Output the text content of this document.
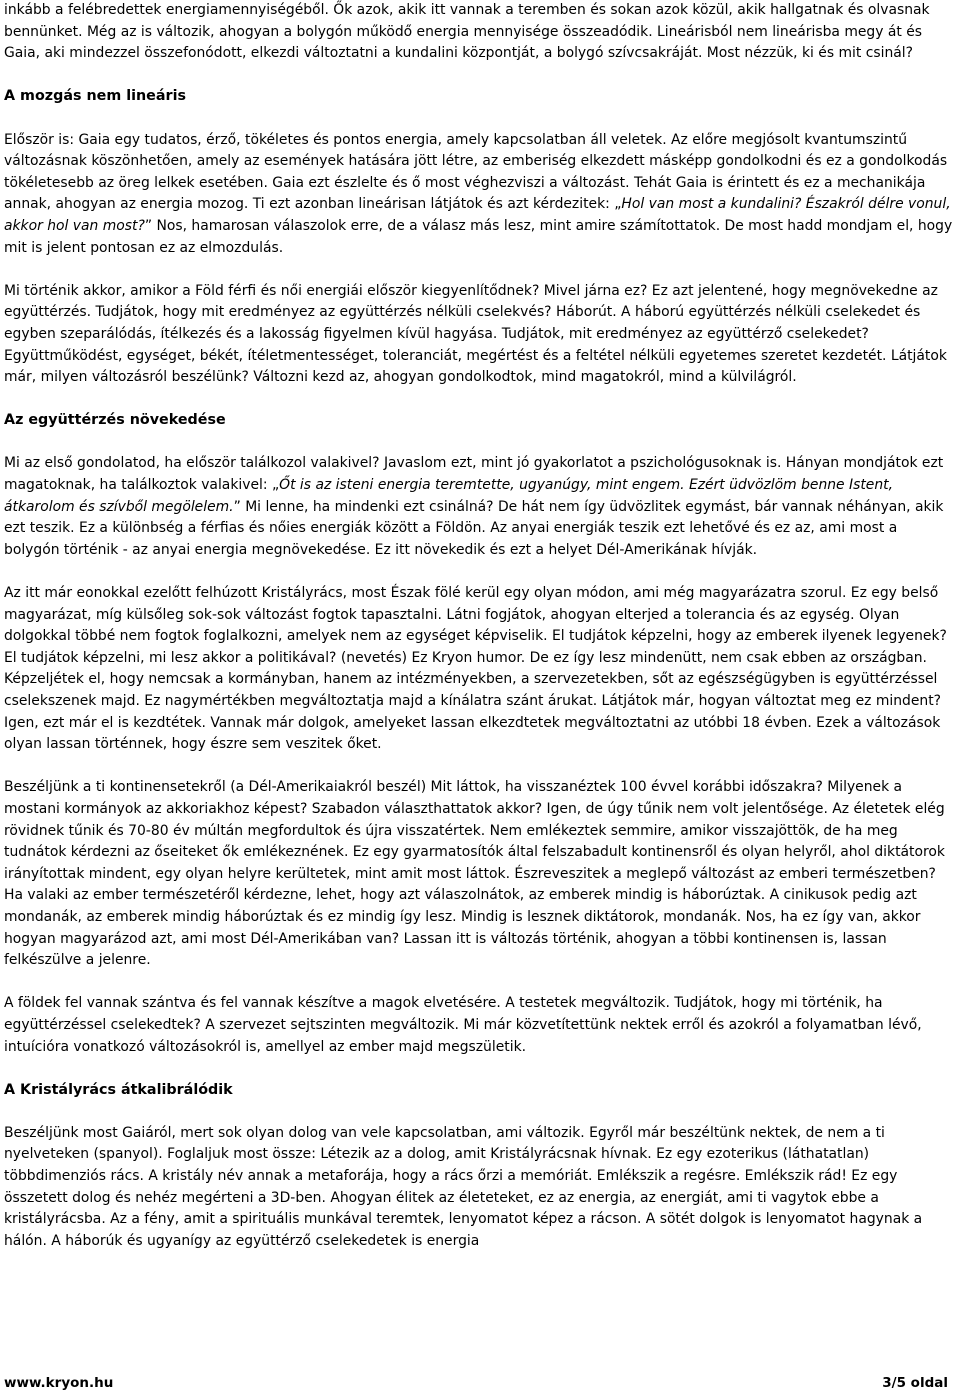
inkább a felébredettek energiamennyiségéből. Ők azok, akik itt vannak a teremben és sokan azok közül, akik hallgatnak és olvasnak bennünket. Még az is változik, ahogyan a bolygón működő energia mennyisége összeadódik. Lineárisból nem lineárisba megy át és Gaia, aki mindezzel összefonódott, elkezdi változtatni a kundalini központját, a bolygó szívcsakráját. Most nézzük, ki és mit csinál?
A mozgás nem lineáris
Először is: Gaia egy tudatos, érző, tökéletes és pontos energia, amely kapcsolatban áll veletek. Az előre megjósolt kvantumszintű változásnak köszönhetően, amely az események hatására jött létre, az emberiség elkezdett másképp gondolkodni és ez a gondolkodás tökéletesebb az öreg lelkek esetében. Gaia ezt észlelte és ő most véghezviszi a változást. Tehát Gaia is érintett és ez a mechanikája annak, ahogyan az energia mozog. Ti ezt azonban lineárisan látjátok és azt kérdezitek: „Hol van most a kundalini? Északról délre vonul, akkor hol van most?” Nos, hamarosan válaszolok erre, de a válasz más lesz, mint amire számítottatok. De most hadd mondjam el, hogy mit is jelent pontosan ez az elmozdulás.
Mi történik akkor, amikor a Föld férfi és női energiái először kiegyenlítődnek? Mivel járna ez? Ez azt jelentené, hogy megnövekedne az együttérzés. Tudjátok, hogy mit eredményez az együttérzés nélküli cselekvés? Háborút. A háború együttérzés nélküli cselekedet és egyben szeparálódás, ítélkezés és a lakosság figyelmen kívül hagyása. Tudjátok, mit eredményez az együttérző cselekedet? Együttműködést, egységet, békét, ítéletmentességet, toleranciát, megértést és a feltétel nélküli egyetemes szeretet kezdetét. Látjátok már, milyen változásról beszélünk? Változni kezd az, ahogyan gondolkodtok, mind magatokról, mind a külvilágról.
Az együttérzés növekedése
Mi az első gondolatod, ha először találkozol valakivel? Javaslom ezt, mint jó gyakorlatot a pszichológusoknak is. Hányan mondjátok ezt magatoknak, ha találkoztok valakivel: „Őt is az isteni energia teremtette, ugyanúgy, mint engem. Ezért üdvözlöm benne Istent, átkarolom és szívből megölelem.” Mi lenne, ha mindenki ezt csinálná? De hát nem így üdvözlitek egymást, bár vannak néhányan, akik ezt teszik. Ez a különbség a férfias és nőies energiák között a Földön. Az anyai energiák teszik ezt lehetővé és ez az, ami most a bolygón történik - az anyai energia megnövekedése. Ez itt növekedik és ezt a helyet Dél-Amerikának hívják.
Az itt már eonokkal ezelőtt felhúzott Kristályrács, most Észak fölé kerül egy olyan módon, ami még magyarázatra szorul. Ez egy belső magyarázat, míg külsőleg sok-sok változást fogtok tapasztalni. Látni fogjátok, ahogyan elterjed a tolerancia és az egység. Olyan dolgokkal többé nem fogtok foglalkozni, amelyek nem az egységet képviselik. El tudjátok képzelni, hogy az emberek ilyenek legyenek? El tudjátok képzelni, mi lesz akkor a politikával? (nevetés) Ez Kryon humor. De ez így lesz mindenütt, nem csak ebben az országban. Képzeljétek el, hogy nemcsak a kormányban, hanem az intézményekben, a szervezetekben, sőt az egészségügyben is együttérzéssel cselekszenek majd. Ez nagymértékben megváltoztatja majd a kínálatra szánt árukat. Látjátok már, hogyan változtat meg ez mindent? Igen, ezt már el is kezdtétek. Vannak már dolgok, amelyeket lassan elkezdtetek megváltoztatni az utóbbi 18 évben. Ezek a változások olyan lassan történnek, hogy észre sem veszitek őket.
Beszéljünk a ti kontinensetekről (a Dél-Amerikaiakról beszél) Mit láttok, ha visszanéztek 100 évvel korábbi időszakra? Milyenek a mostani kormányok az akkoriakhoz képest? Szabadon választhattatok akkor? Igen, de úgy tűnik nem volt jelentősége. Az életetek elég rövidnek tűnik és 70-80 év múltán megfordultok és újra visszatértek. Nem emlékeztek semmire, amikor visszajöttök, de ha meg tudnátok kérdezni az őseiteket ők emlékeznének. Ez egy gyarmatosítók által felszabadult kontinensről és olyan helyről, ahol diktátorok irányítottak mindent, egy olyan helyre kerültetek, mint amit most láttok. Észreveszitek a meglepő változást az emberi természetben? Ha valaki az ember természetéről kérdezne, lehet, hogy azt válaszolnátok, az emberek mindig is háborúztak. A cinikusok pedig azt mondanák, az emberek mindig háborúztak és ez mindig így lesz. Mindig is lesznek diktátorok, mondanák. Nos, ha ez így van, akkor hogyan magyarázod azt, ami most Dél-Amerikában van? Lassan itt is változás történik, ahogyan a többi kontinensen is, lassan felkészülve a jelenre.
A földek fel vannak szántva és fel vannak készítve a magok elvetésére. A testetek megváltozik. Tudjátok, hogy mi történik, ha együttérzéssel cselekedtek? A szervezet sejtszinten megváltozik. Mi már közvetítettünk nektek erről és azokról a folyamatban lévő, intuícióra vonatkozó változásokról is, amellyel az ember majd megszületik.
A Kristályrács átkalibrálódik
Beszéljünk most Gaiáról, mert sok olyan dolog van vele kapcsolatban, ami változik. Egyről már beszéltünk nektek, de nem a ti nyelveteken (spanyol). Foglaljuk most össze: Létezik az a dolog, amit Kristályrácsnak hívnak. Ez egy ezoterikus (láthatatlan) többdimenziós rács. A kristály név annak a metaforája, hogy a rács őrzi a memóriát. Emlékszik a regésre. Emlékszik rád! Ez egy összetett dolog és nehéz megérteni a 3D-ben. Ahogyan élitek az életeteket, ez az energia, az energiát, ami ti vagytok ebbe a kristályrácsba. Az a fény, amit a spirituális munkával teremtek, lenyomatot képez a rácson. A sötét dolgok is lenyomatot hagynak a hálón. A háborúk és ugyanígy az együttérző cselekedetek is energia
www.kryon.hu	3/5 oldal
